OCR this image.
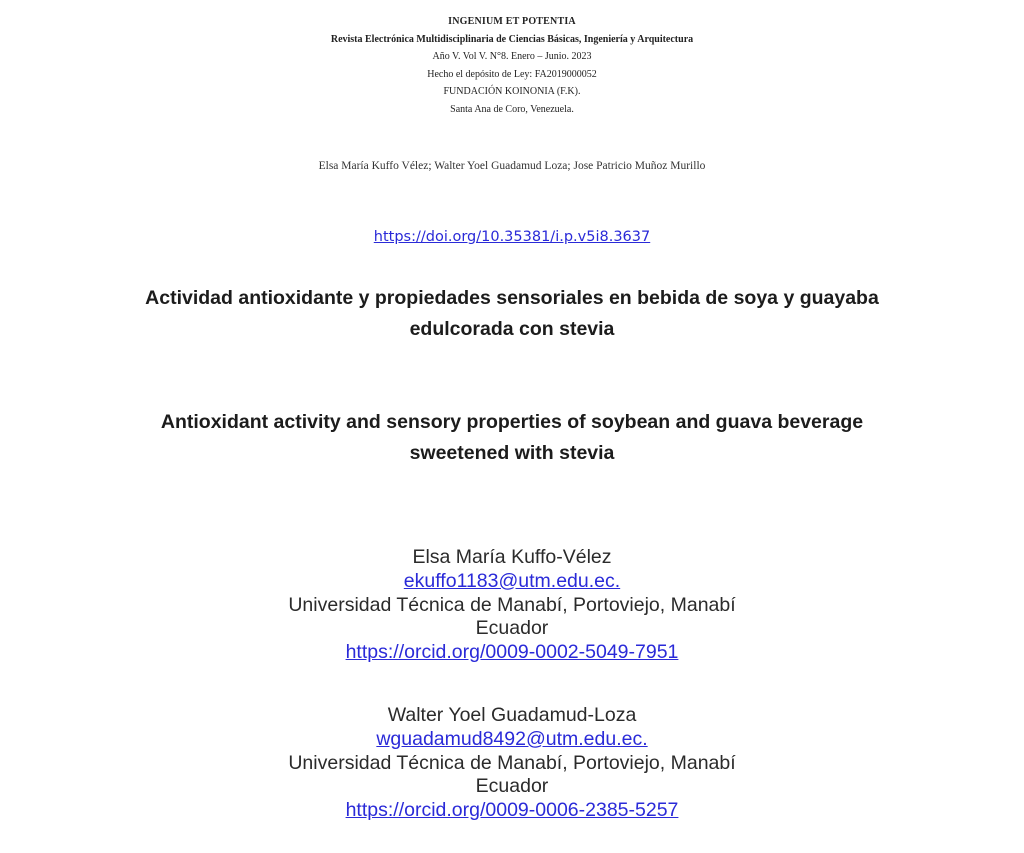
INGENIUM ET POTENTIA
Revista Electrónica Multidisciplinaria de Ciencias Básicas, Ingeniería y Arquitectura
Año V. Vol V. N°8. Enero – Junio. 2023
Hecho el depósito de Ley: FA2019000052
FUNDACIÓN KOINONIA (F.K).
Santa Ana de Coro, Venezuela.
Elsa María Kuffo Vélez; Walter Yoel Guadamud Loza; Jose Patricio Muñoz Murillo
https://doi.org/10.35381/i.p.v5i8.3637
Actividad antioxidante y propiedades sensoriales en bebida de soya y guayaba
edulcorada con stevia
Antioxidant activity and sensory properties of soybean and guava beverage
sweetened with stevia
Elsa María Kuffo-Vélez
ekuffo1183@utm.edu.ec.
Universidad Técnica de Manabí, Portoviejo, Manabí
Ecuador
https://orcid.org/0009-0002-5049-7951
Walter Yoel Guadamud-Loza
wguadamud8492@utm.edu.ec.
Universidad Técnica de Manabí, Portoviejo, Manabí
Ecuador
https://orcid.org/0009-0006-2385-5257
